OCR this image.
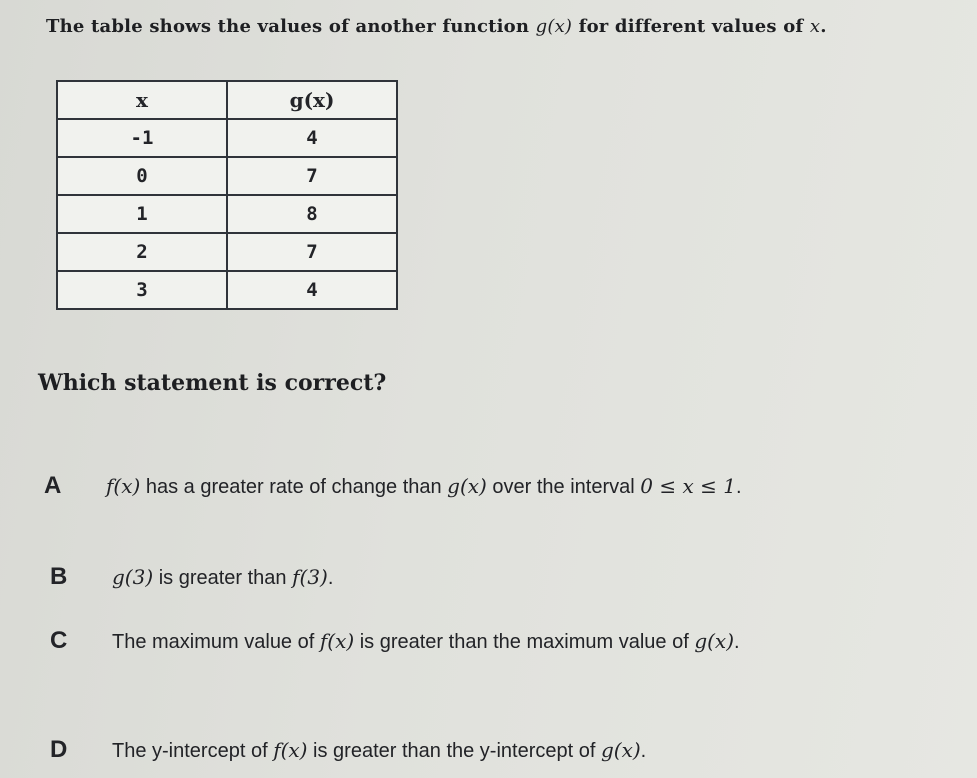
The table shows the values of another function g(x) for different values of x.
x	g(x)
-1	4
0	7
1	8
2	7
3	4
Which statement is correct?
A f(x) has a greater rate of change than g(x) over the interval 0 ≤ x ≤ 1.
B g(3) is greater than f(3).
C The maximum value of f(x) is greater than the maximum value of g(x).
D The y-intercept of f(x) is greater than the y-intercept of g(x).
